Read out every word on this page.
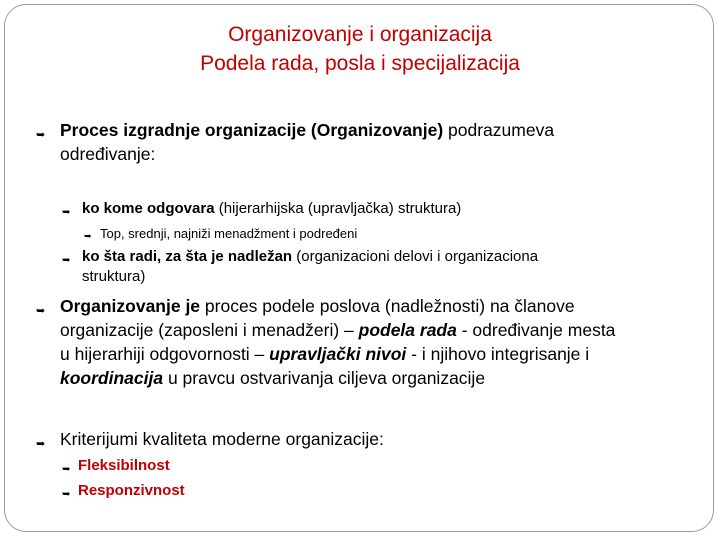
Organizovanje i organizacija
Podela rada, posla i specijalizacija
➥ Proces izgradnje organizacije (Organizovanje) podrazumeva
određivanje:
➥ ko kome odgovara (hijerarhijska (upravljačka) struktura)
➥ Top, srednji, najniži menadžment i podređeni
➥ ko šta radi, za šta je nadležan (organizacioni delovi i organizaciona
struktura)
➥ Organizovanje je proces podele poslova (nadležnosti) na članove
organizacije (zaposleni i menadžeri) – podela rada - određivanje mesta
u hijerarhiji odgovornosti – upravljački nivoi - i njihovo integrisanje i
koordinacija u pravcu ostvarivanja ciljeva organizacije
➥ Kriterijumi kvaliteta moderne organizacije:
➥ Fleksibilnost
➥ Responzivnost
